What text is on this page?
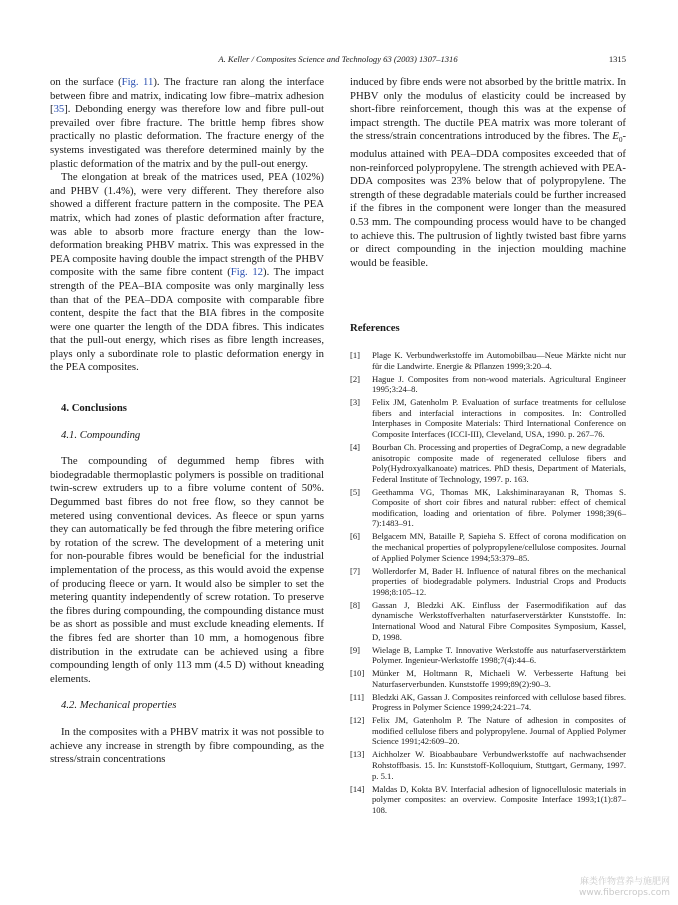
A. Keller / Composites Science and Technology 63 (2003) 1307–1316	1315

on the surface (Fig. 11). The fracture ran along the interface between fibre and matrix, indicating low fibre–matrix adhesion [35]. Debonding energy was therefore low and fibre pull-out prevailed over fibre fracture. The brittle hemp fibres show practically no plastic deformation. The fracture energy of the systems investigated was therefore determined mainly by the plastic deformation of the matrix and by the pull-out energy.

The elongation at break of the matrices used, PEA (102%) and PHBV (1.4%), were very different. They therefore also showed a different fracture pattern in the composite. The PEA matrix, which had zones of plastic deformation after fracture, was able to absorb more fracture energy than the low-deformation breaking PHBV matrix. This was expressed in the PEA composite having double the impact strength of the PHBV composite with the same fibre content (Fig. 12). The impact strength of the PEA–BIA composite was only marginally less than that of the PEA–DDA composite with comparable fibre content, despite the fact that the BIA fibres in the composite were one quarter the length of the DDA fibres. This indicates that the pull-out energy, which rises as fibre length increases, plays only a subordinate role to plastic deformation energy in the PEA composites.

4. Conclusions

4.1. Compounding

The compounding of degummed hemp fibres with biodegradable thermoplastic polymers is possible on traditional twin-screw extruders up to a fibre volume content of 50%. Degummed bast fibres do not free flow, so they cannot be metered using conventional devices. As fleece or spun yarns they can automatically be fed through the fibre metering orifice by rotation of the screw. The development of a metering unit for non-pourable fibres would be beneficial for the industrial implementation of the process, as this would avoid the expense of producing fleece or yarn. It would also be simpler to set the metering quantity independently of screw rotation. To preserve the fibres during compounding, the compounding distance must be as short as possible and must exclude kneading elements. If the fibres fed are shorter than 10 mm, a homogenous fibre distribution in the extrudate can be achieved using a fibre compounding length of only 113 mm (4.5 D) without kneading elements.

4.2. Mechanical properties

In the composites with a PHBV matrix it was not possible to achieve any increase in strength by fibre compounding, as the stress/strain concentrations

induced by fibre ends were not absorbed by the brittle matrix. In PHBV only the modulus of elasticity could be increased by short-fibre reinforcement, though this was at the expense of impact strength. The ductile PEA matrix was more tolerant of the stress/strain concentrations introduced by the fibres. The $E_0$-modulus attained with PEA–DDA composites exceeded that of non-reinforced polypropylene. The strength achieved with PEA-DDA composites was 23% below that of polypropylene. The strength of these degradable materials could be further increased if the fibres in the component were longer than the measured 0.53 mm. The compounding process would have to be changed to achieve this. The pultrusion of lightly twisted bast fibre yarns or direct compounding in the injection moulding machine would be feasible.

References
[1] Plage K. Verbundwerkstoffe im Automobilbau—Neue Märkte nicht nur für die Landwirte. Energie & Pflanzen 1999;3:20–4.
[2] Hague J. Composites from non-wood materials. Agricultural Engineer 1995;3:24–8.
[3] Felix JM, Gatenholm P. Evaluation of surface treatments for cellulose fibers and interfacial interactions in composites. In: Controlled Interphases in Composite Materials: Third International Conference on Composite Interfaces (ICCI-III), Cleveland, USA, 1990. p. 267–76.
[4] Bourban Ch. Processing and properties of DegraComp, a new degradable anisotropic composite made of regenerated cellulose fibers and Poly(Hydroxyalkanoate) matrices. PhD thesis, Department of Materials, Federal Institute of Technology, 1997. p. 163.
[5] Geethamma VG, Thomas MK, Lakshiminarayanan R, Thomas S. Composite of short coir fibres and natural rubber: effect of chemical modification, loading and orientation of fibre. Polymer 1998;39(6–7):1483–91.
[6] Belgacem MN, Bataille P, Sapieha S. Effect of corona modification on the mechanical properties of polypropylene/cellulose composites. Journal of Applied Polymer Science 1994;53:379–85.
[7] Wollerdorfer M, Bader H. Influence of natural fibres on the mechanical properties of biodegradable polymers. Industrial Crops and Products 1998;8:105–12.
[8] Gassan J, Bledzki AK. Einfluss der Fasermodifikation auf das dynamische Werkstoffverhalten naturfaserverstärkter Kunststoffe. In: International Wood and Natural Fibre Composites Symposium, Kassel, D, 1998.
[9] Wielage B, Lampke T. Innovative Werkstoffe aus naturfaserverstärktem Polymer. Ingenieur-Werkstoffe 1998;7(4):44–6.
[10] Münker M, Holtmann R, Michaeli W. Verbesserte Haftung bei Naturfaserverbunden. Kunststoffe 1999;89(2):90–3.
[11] Bledzki AK, Gassan J. Composites reinforced with cellulose based fibres. Progress in Polymer Science 1999;24:221–74.
[12] Felix JM, Gatenholm P. The Nature of adhesion in composites of modified cellulose fibers and polypropylene. Journal of Applied Polymer Science 1991;42:609–20.
[13] Aichholzer W. Bioabbaubare Verbundwerkstoffe auf nachwachsender Rohstoffbasis. 15. In: Kunststoff-Kolloquium, Stuttgart, Germany, 1997. p. 5.1.
[14] Maldas D, Kokta BV. Interfacial adhesion of lignocellulosic materials in polymer composites: an overview. Composite Interface 1993;1(1):87–108.
麻类作物营养与施肥网
www.fibercrops.com
